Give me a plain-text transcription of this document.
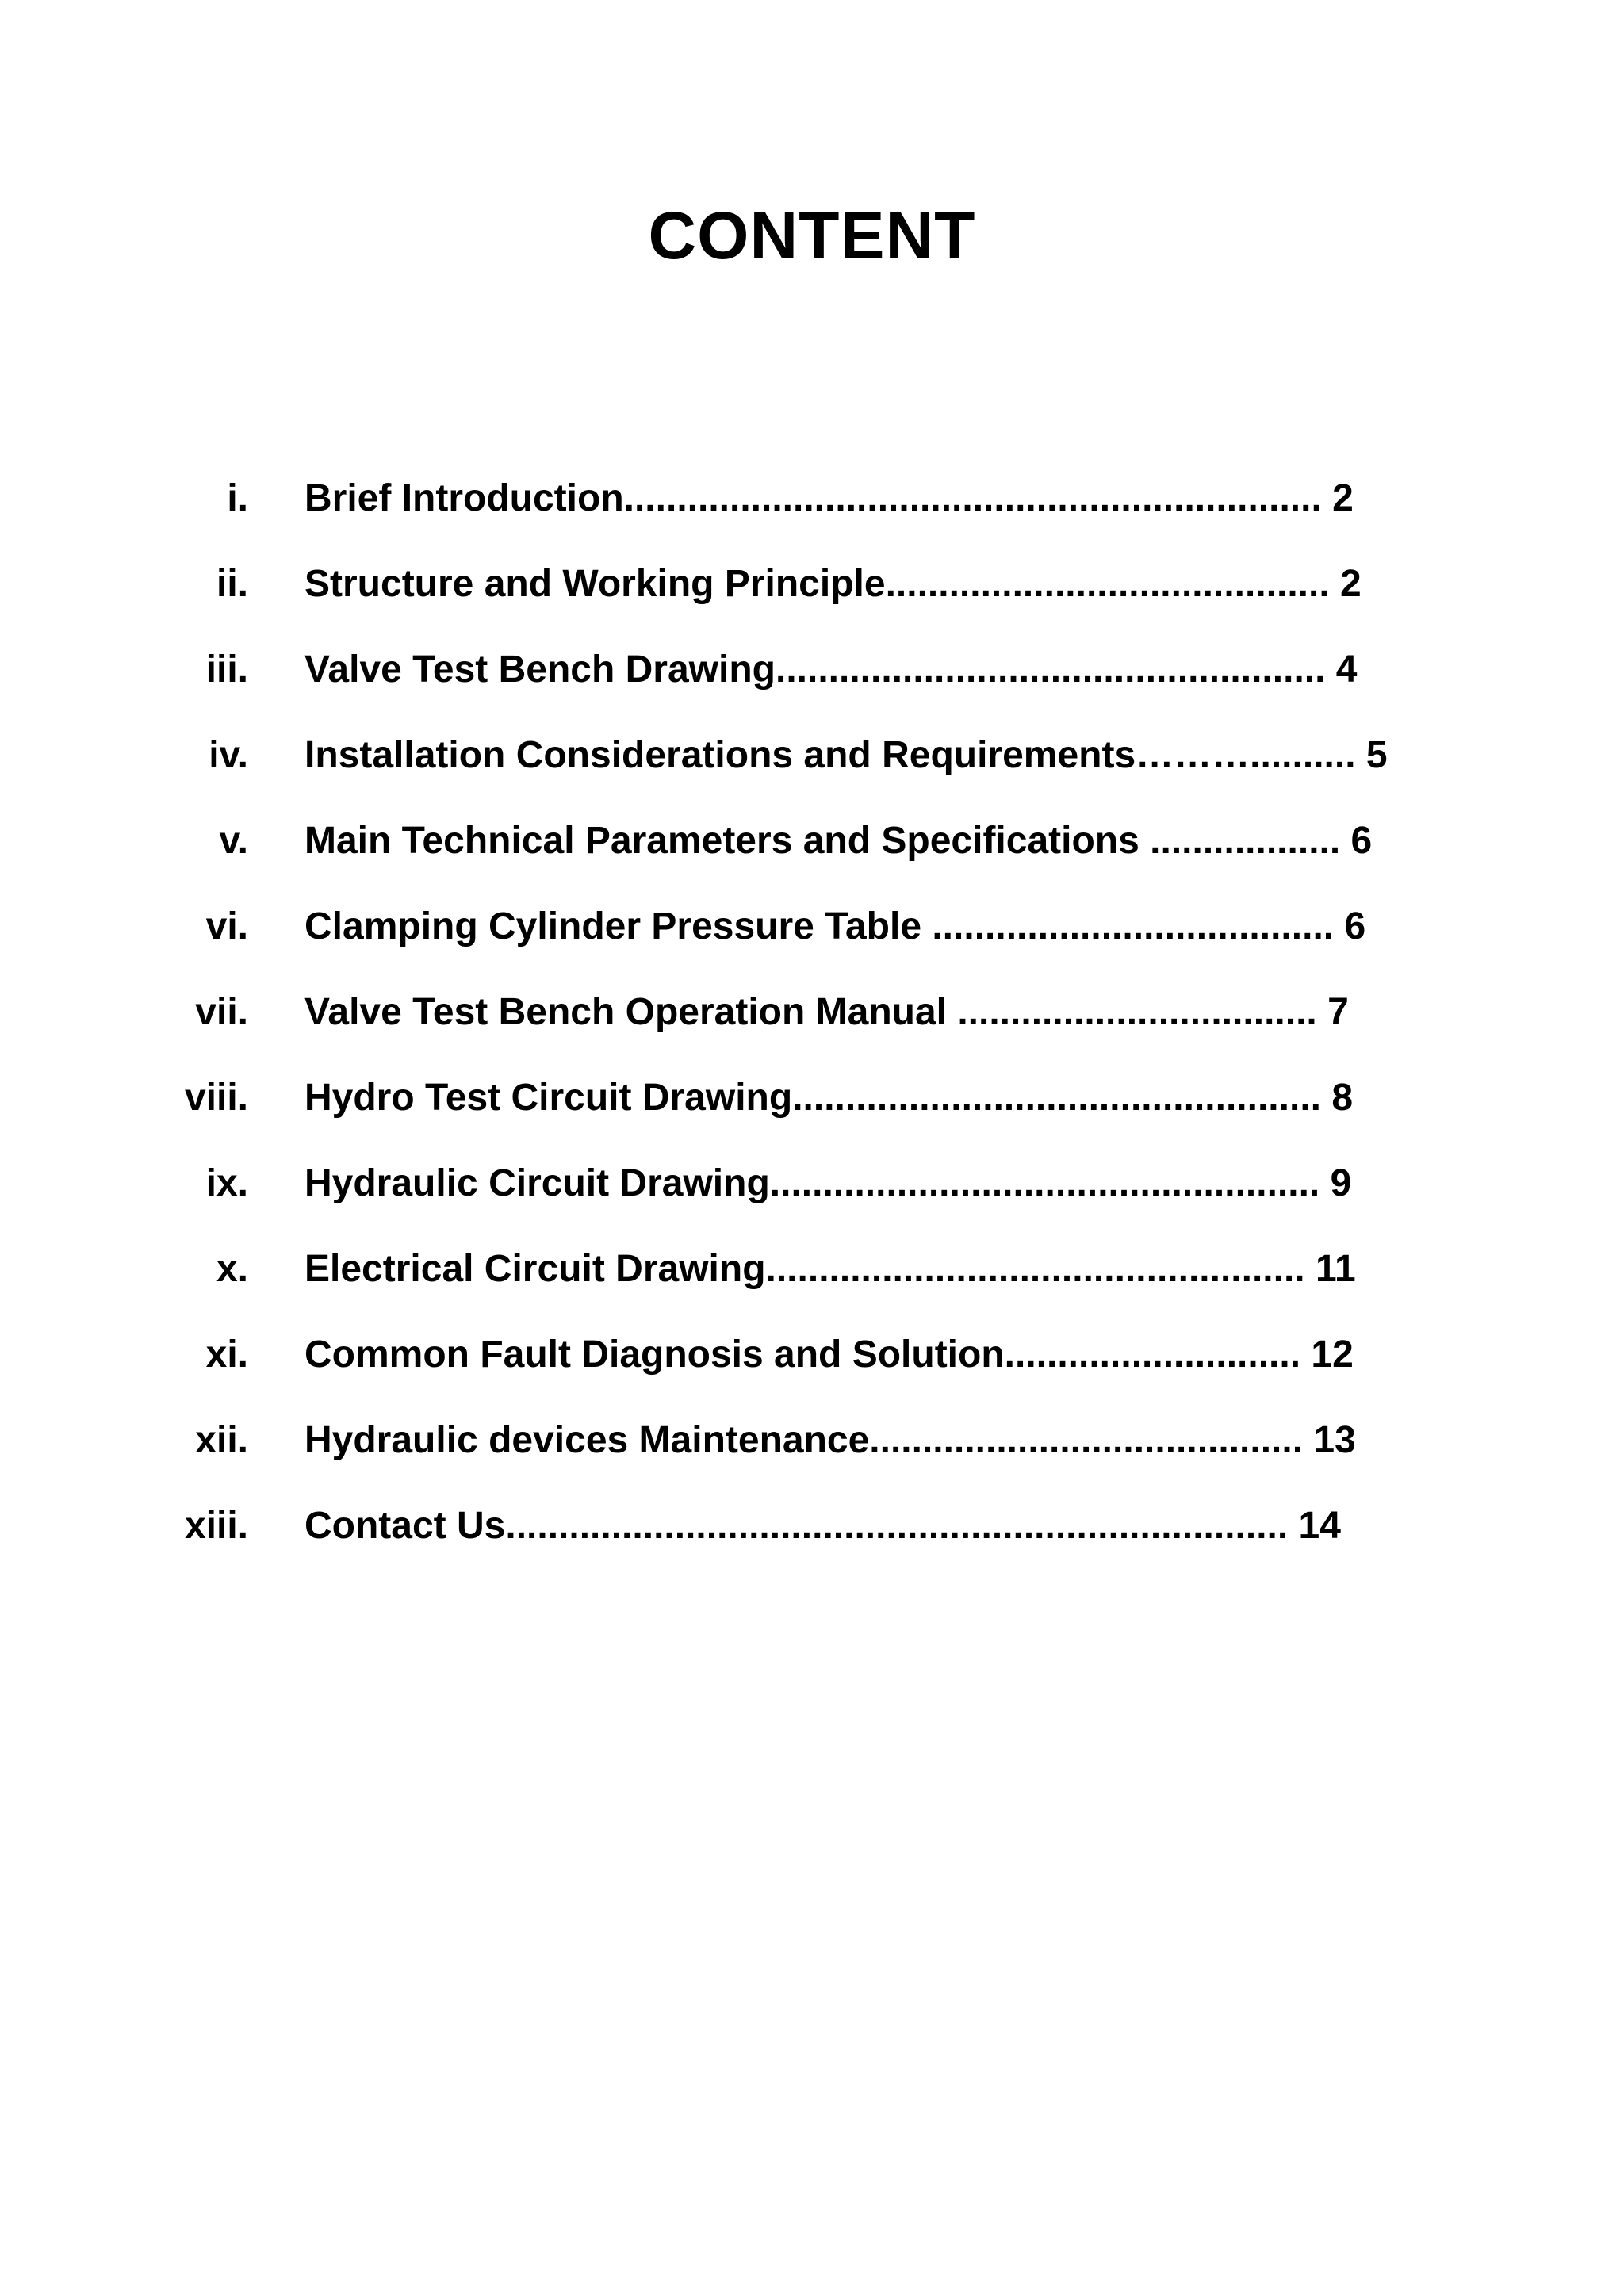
CONTENT
i. Brief Introduction.................................................................. 2
ii. Structure and Working Principle.......................................... 2
iii. Valve Test Bench Drawing.................................................... 4
iv. Installation Considerations and Requirements……….......... 5
v. Main Technical Parameters and Specifications .................. 6
vi. Clamping Cylinder Pressure Table ...................................... 6
vii. Valve Test Bench Operation Manual .................................. 7
viii. Hydro Test Circuit Drawing.................................................. 8
ix. Hydraulic Circuit Drawing.................................................... 9
x. Electrical Circuit Drawing................................................... 11
xi. Common Fault Diagnosis and Solution............................ 12
xii. Hydraulic devices Maintenance......................................... 13
xiii. Contact Us.......................................................................... 14
